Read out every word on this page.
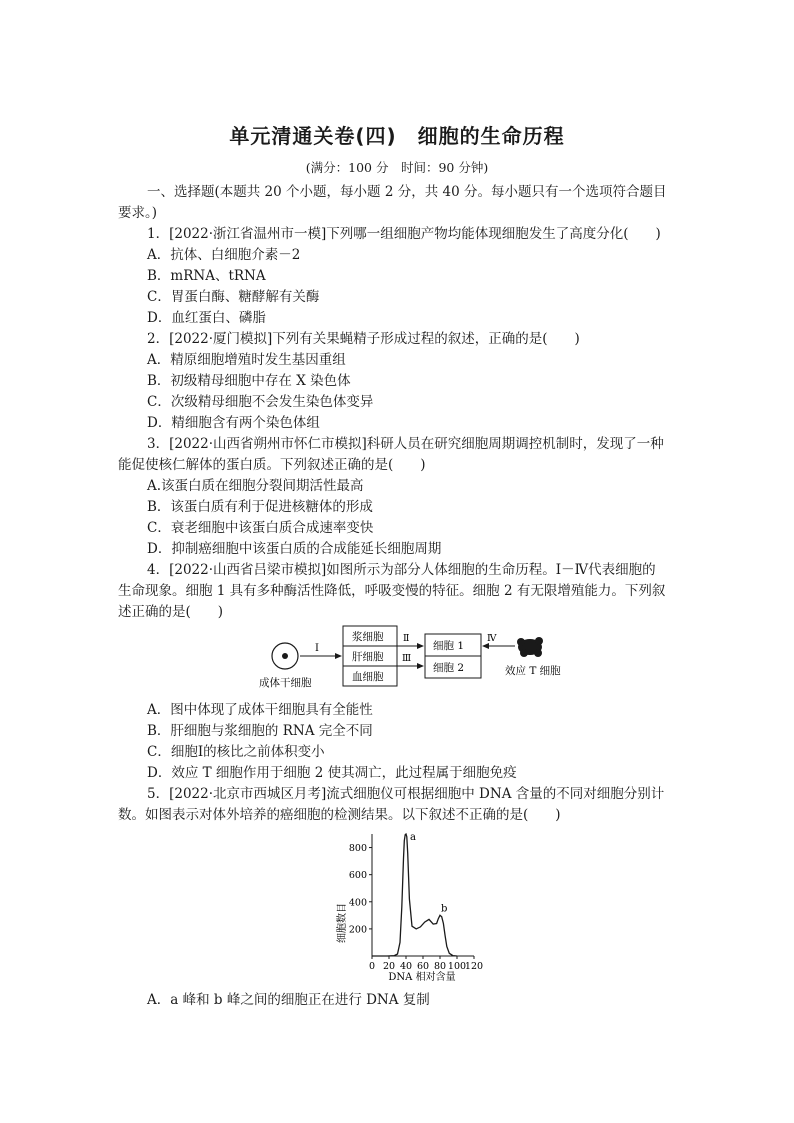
单元清通关卷(四)　细胞的生命历程
(满分：100 分　时间：90 分钟)
一、选择题(本题共 20 个小题，每小题 2 分，共 40 分。每小题只有一个选项符合题目
要求。)
1．[2022·浙江省温州市一模]下列哪一组细胞产物均能体现细胞发生了高度分化(　　)
A．抗体、白细胞介素－2
B．mRNA、tRNA
C．胃蛋白酶、糖酵解有关酶
D．血红蛋白、磷脂
2．[2022·厦门模拟]下列有关果蝇精子形成过程的叙述，正确的是(　　)
A．精原细胞增殖时发生基因重组
B．初级精母细胞中存在 X 染色体
C．次级精母细胞不会发生染色体变异
D．精细胞含有两个染色体组
3．[2022·山西省朔州市怀仁市模拟]科研人员在研究细胞周期调控机制时，发现了一种
能促使核仁解体的蛋白质。下列叙述正确的是(　　)
A.该蛋白质在细胞分裂间期活性最高
B．该蛋白质有利于促进核糖体的形成
C．衰老细胞中该蛋白质合成速率变快
D．抑制癌细胞中该蛋白质的合成能延长细胞周期
4．[2022·山西省吕梁市模拟]如图所示为部分人体细胞的生命历程。Ⅰ－Ⅳ代表细胞的
生命现象。细胞 1 具有多种酶活性降低，呼吸变慢的特征。细胞 2 有无限增殖能力。下列叙
述正确的是(　　)
成体干细胞
Ⅰ
浆细胞
肝细胞
血细胞
Ⅱ
Ⅲ
细胞 1
细胞 2
Ⅳ
效应 T 细胞
A．图中体现了成体干细胞具有全能性
B．肝细胞与浆细胞的 RNA 完全不同
C．细胞Ⅰ的核比之前体积变小
D．效应 T 细胞作用于细胞 2 使其凋亡，此过程属于细胞免疫
5．[2022·北京市西城区月考]流式细胞仪可根据细胞中 DNA 含量的不同对细胞分别计
数。如图表示对体外培养的癌细胞的检测结果。以下叙述不正确的是(　　)
细胞数目
DNA 相对含量
0 20 40 60 80 100
120
200
400
600
800
a
b
A．a 峰和 b 峰之间的细胞正在进行 DNA 复制
